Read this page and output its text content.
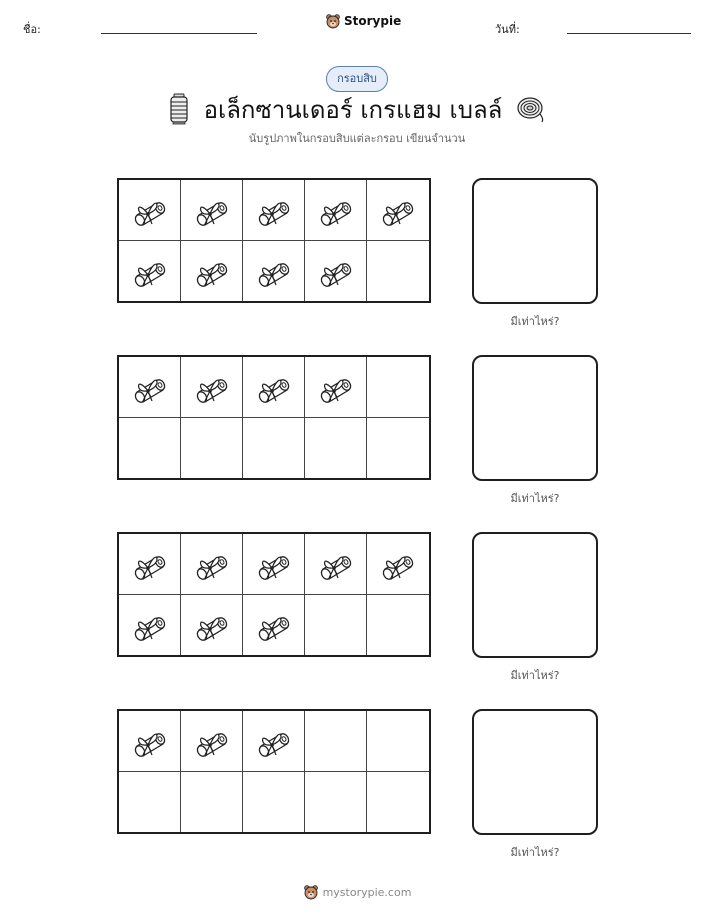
ชื่อ:
Storypie
วันที่:
กรอบสิบ
อเล็กซานเดอร์ เกรแฮม เบลล์
นับรูปภาพในกรอบสิบแต่ละกรอบ เขียนจำนวน
มีเท่าไหร่?
มีเท่าไหร่?
มีเท่าไหร่?
มีเท่าไหร่?
mystorypie.com
